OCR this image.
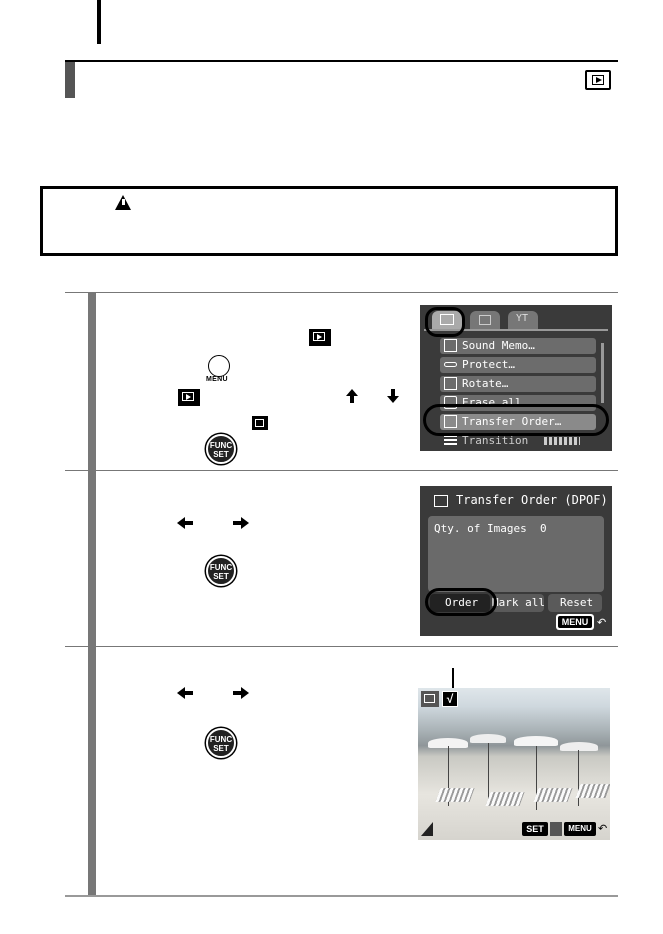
MENU
FUNC
SET
ΥΤ
Sound Memo…
Protect…
Rotate…
Erase all
Transfer Order…
Transition
FUNC
SET
Transfer Order (DPOF)
Qty. of Images 0
Order Mark all Reset
MENU ↶
FUNC
SET
√
SET	MENU ↶
